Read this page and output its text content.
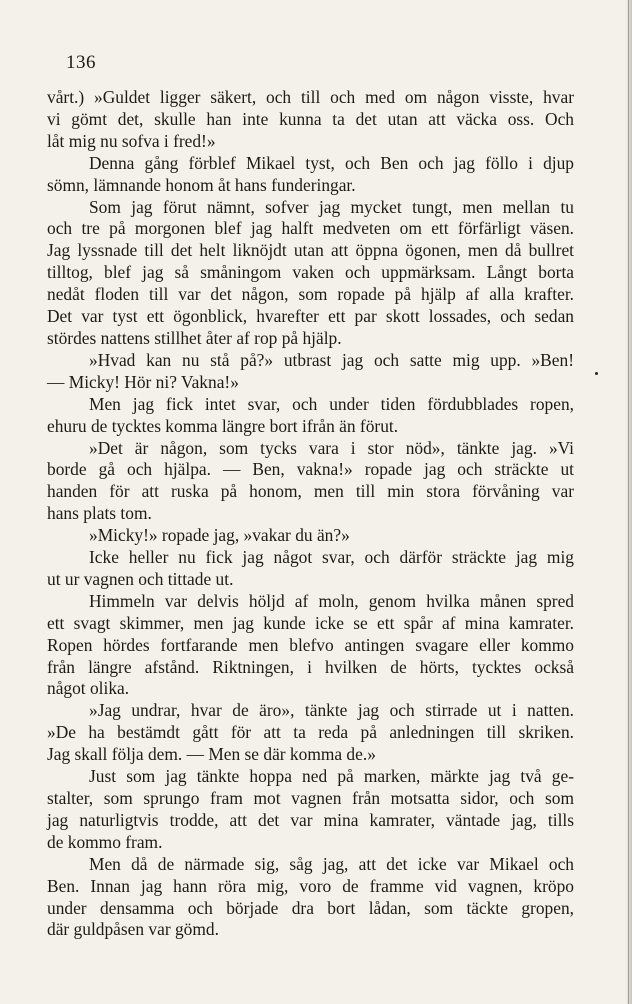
136
vårt.) »Guldet ligger säkert, och till och med om någon visste, hvar
vi gömt det, skulle han inte kunna ta det utan att väcka oss. Och
låt mig nu sofva i fred!»
Denna gång förblef Mikael tyst, och Ben och jag föllo i djup
sömn, lämnande honom åt hans funderingar.
Som jag förut nämnt, sofver jag mycket tungt, men mellan tu
och tre på morgonen blef jag halft medveten om ett förfärligt väsen.
Jag lyssnade till det helt liknöjdt utan att öppna ögonen, men då bullret
tilltog, blef jag så småningom vaken och uppmärksam. Långt borta
nedåt floden till var det någon, som ropade på hjälp af alla krafter.
Det var tyst ett ögonblick, hvarefter ett par skott lossades, och sedan
stördes nattens stillhet åter af rop på hjälp.
»Hvad kan nu stå på?» utbrast jag och satte mig upp. »Ben!
— Micky! Hör ni? Vakna!»
Men jag fick intet svar, och under tiden fördubblades ropen,
ehuru de tycktes komma längre bort ifrån än förut.
»Det är någon, som tycks vara i stor nöd», tänkte jag. »Vi
borde gå och hjälpa. — Ben, vakna!» ropade jag och sträckte ut
handen för att ruska på honom, men till min stora förvåning var
hans plats tom.
»Micky!» ropade jag, »vakar du än?»
Icke heller nu fick jag något svar, och därför sträckte jag mig
ut ur vagnen och tittade ut.
Himmeln var delvis höljd af moln, genom hvilka månen spred
ett svagt skimmer, men jag kunde icke se ett spår af mina kamrater.
Ropen hördes fortfarande men blefvo antingen svagare eller kommo
från längre afstånd. Riktningen, i hvilken de hörts, tycktes också
något olika.
»Jag undrar, hvar de äro», tänkte jag och stirrade ut i natten.
»De ha bestämdt gått för att ta reda på anledningen till skriken.
Jag skall följa dem. — Men se där komma de.»
Just som jag tänkte hoppa ned på marken, märkte jag två ge-
stalter, som sprungo fram mot vagnen från motsatta sidor, och som
jag naturligtvis trodde, att det var mina kamrater, väntade jag, tills
de kommo fram.
Men då de närmade sig, såg jag, att det icke var Mikael och
Ben. Innan jag hann röra mig, voro de framme vid vagnen, kröpo
under densamma och började dra bort lådan, som täckte gropen,
där guldpåsen var gömd.
